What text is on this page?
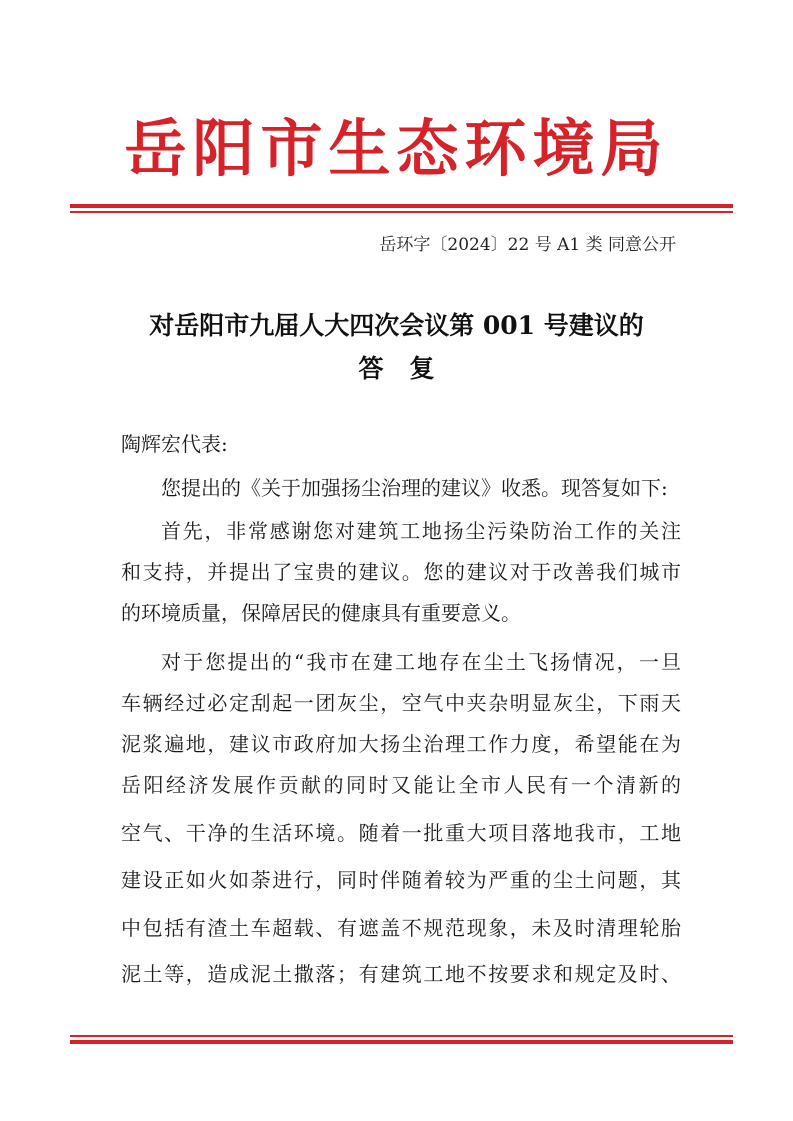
岳阳市生态环境局
岳环字〔2024〕22 号 A1 类 同意公开
对岳阳市九届人大四次会议第 001 号建议的
答复
陶辉宏代表:
您提出的《关于加强扬尘治理的建议》收悉。现答复如下:
首先，非常感谢您对建筑工地扬尘污染防治工作的关注
和支持，并提出了宝贵的建议。您的建议对于改善我们城市
的环境质量，保障居民的健康具有重要意义。
对于您提出的“我市在建工地存在尘土飞扬情况，一旦
车辆经过必定刮起一团灰尘，空气中夹杂明显灰尘，下雨天
泥浆遍地，建议市政府加大扬尘治理工作力度，希望能在为
岳阳经济发展作贡献的同时又能让全市人民有一个清新的
空气、干净的生活环境。随着一批重大项目落地我市，工地
建设正如火如荼进行，同时伴随着较为严重的尘土问题，其
中包括有渣土车超载、有遮盖不规范现象，未及时清理轮胎
泥土等，造成泥土撒落；有建筑工地不按要求和规定及时、
